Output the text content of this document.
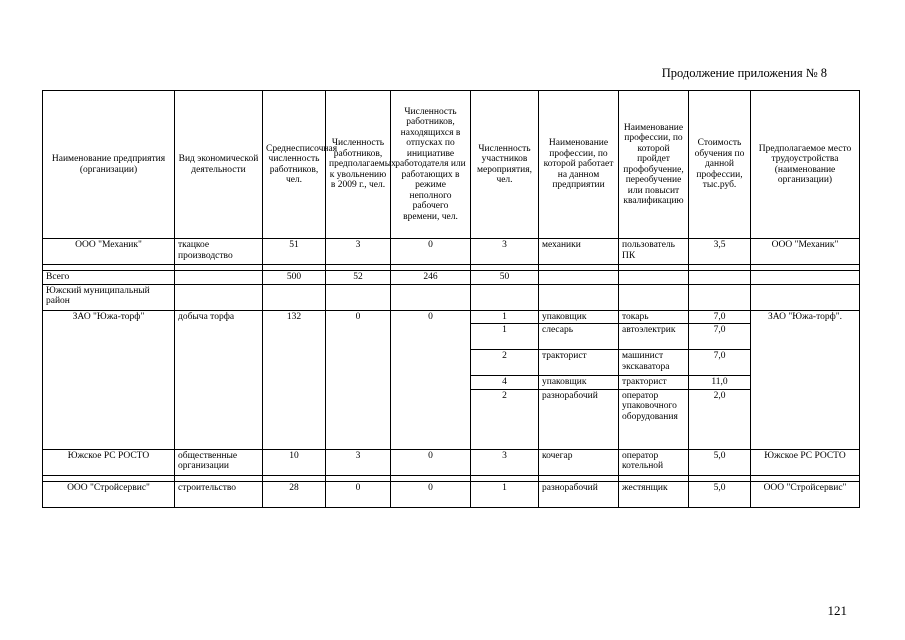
Продолжение приложения № 8
Наименование предприятия (организации)	Вид экономической деятельности	Среднесписочная численность работников, чел.	Численность работников, предполагаемых к увольнению в 2009 г., чел.	Численность работников, находящихся в отпусках по инициативе работодателя или работающих в режиме неполного рабочего времени, чел.	Численность участников мероприятия, чел.	Наименование профессии, по которой работает на данном предприятии	Наименование профессии, по которой пройдет профобучение, переобучение или повысит квалификацию	Стоимость обучения по данной профессии, тыс.руб.	Предполагаемое место трудоустройства (наименование организации)
ООО "Механик"	ткацкое производство	51	3	0	3	механики	пользователь ПК	3,5	ООО "Механик"

Всего		500	52	246	50				
Южский муниципальный район									
ЗАО "Южа-торф"	добыча торфа	132	0	0	1	упаковщик	токарь	7,0	ЗАО "Южа-торф".
					1	слесарь	автоэлектрик	7,0	
					2	тракторист	машинист экскаватора	7,0	
					4	упаковщик	тракторист	11,0	
					2	разнорабочий	оператор упаковочного оборудования	2,0	
Южское РС РОСТО	общественные организации	10	3	0	3	кочегар	оператор котельной	5,0	Южское РС РОСТО

ООО "Стройсервис"	строительство	28	0	0	1	разнорабочий	жестянщик	5,0	ООО "Стройсервис"
121
